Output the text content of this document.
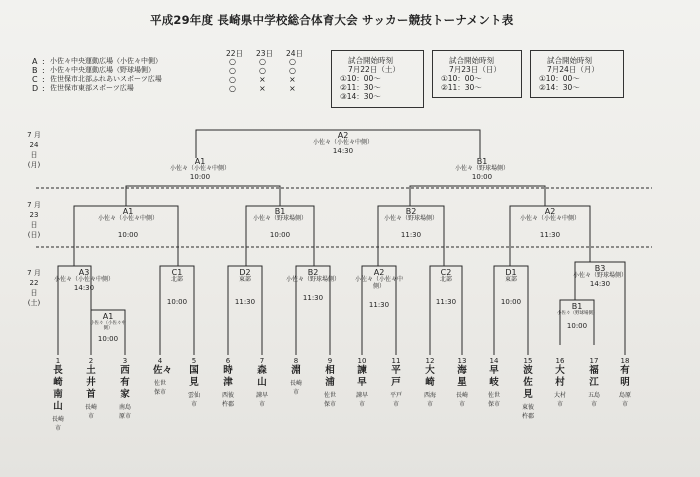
平成29年度 長崎県中学校総合体育大会 サッカー競技トーナメント表
22日 23日 24日
A : 小佐々中央運動広場（小佐々中側）	○	○	○
B : 小佐々中央運動広場（野球場側）	○	○	○
C : 佐世保市北部ふれあいスポーツ広場	○	×	×
D : 佐世保市東部スポーツ広場	○	×	×
試合開始時刻
7月22日（土）
①10：00～
②11：30～
③14：30～
試合開始時刻
7月23日（日）
①10：00～
②11：30～
試合開始時刻
7月24日（月）
①10：00～
②14：30～
7 月 24 日 (月)
7 月 23 日 (日)
7 月 22 日 (土)
A2
小佐々（小佐々中側）
14:30
A1
小佐々（小佐々中側）
10:00
B1
小佐々（野球場側）
10:00
A1
小佐々（小佐々中側）
10:00
B1
小佐々（野球場側）
10:00
B2
小佐々（野球場側）
11:30
A2
小佐々（小佐々中側）
11:30
A3
小佐々（小佐々中側）
14:30
C1
北部
10:00
D2
東部
11:30
B2
小佐々（野球場側）
11:30
A2
小佐々（小佐々中側）
11:30
C2
北部
11:30
D1
東部
10:00
B3
小佐々（野球場側）
14:30
A1
小佐々（小佐々中側）
10:00
B1
小佐々（野球場側）
10:00
1
長崎南山
長崎市
2
土井首
長崎市
3
西有家
南島原市
4
佐々
佐世保市
5
国見
雲仙市
6
時津
西彼杵郡
7
森山
諫早市
8
淵
長崎市
9
相浦
佐世保市
10
諫早
諫早市
11
平戸
平戸市
12
大崎
西海市
13
海星
長崎市
14
早岐
佐世保市
15
波佐見
東彼杵郡
16
大村
大村市
17
福江
五島市
18
有明
島原市
